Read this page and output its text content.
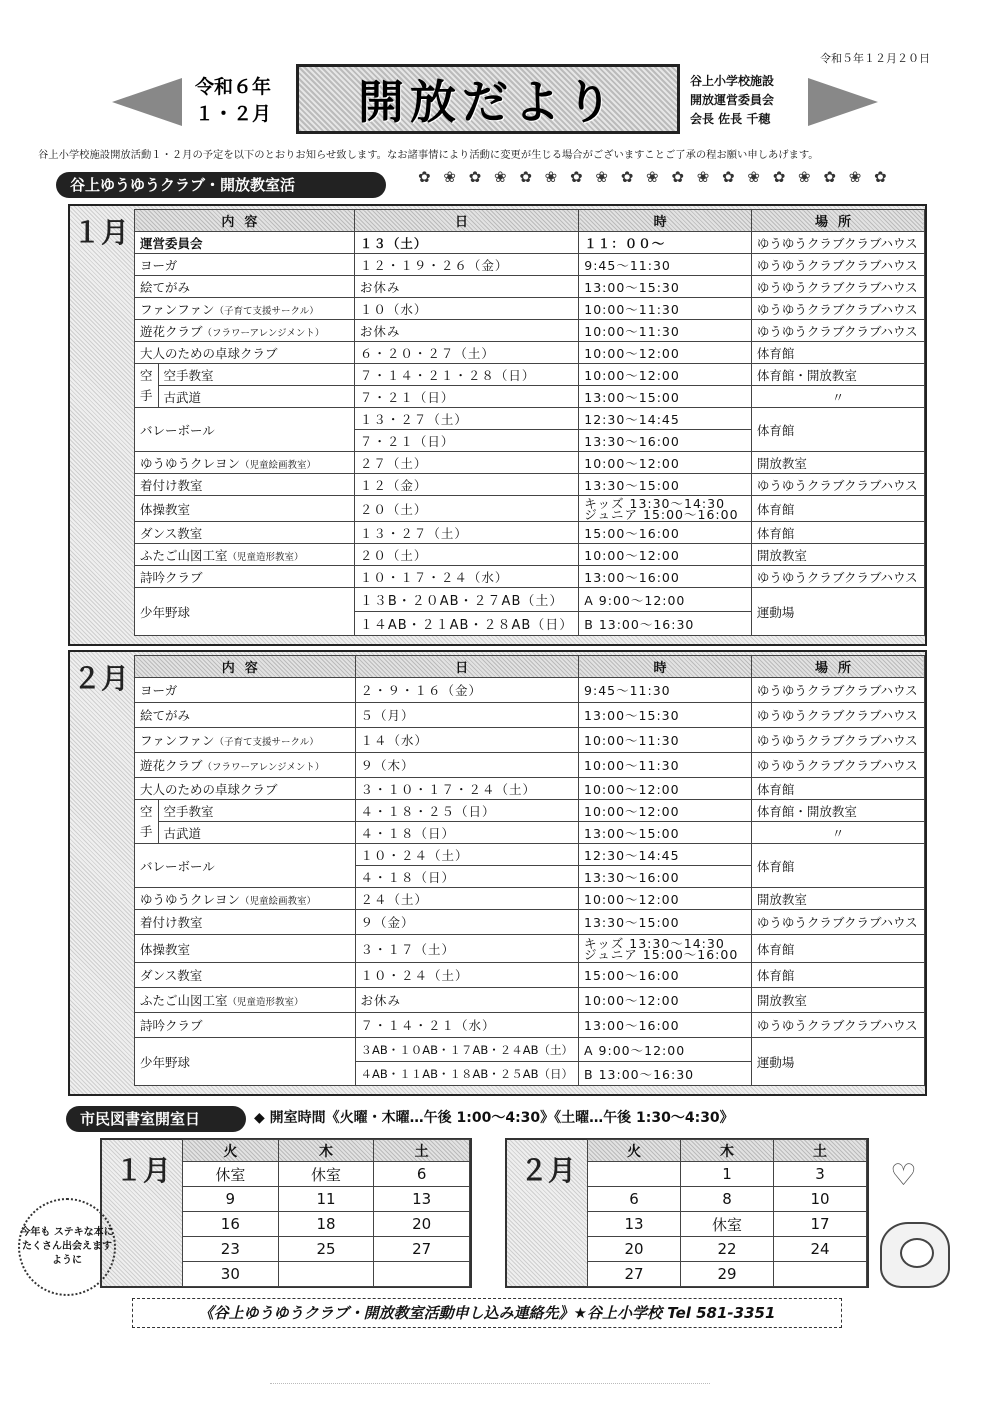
令和５年１２月２０日
令和６年
１・２月 開放だより	谷上小学校施設
開放運営委員会
会長 佐長 千穂
谷上小学校施設開放活動１・２月の予定を以下のとおりお知らせ致します。なお諸事情により活動に変更が生じる場合がございますことご了承の程お願い申しあげます。
谷上ゆうゆうクラブ・開放教室活	✿ ❀ ✿ ❀ ✿ ❀ ✿ ❀ ✿ ❀ ✿ ❀ ✿ ❀ ✿ ❀ ✿ ❀ ✿
１月	内容		日	時	場所
運営委員会		１３（土）	１１：００〜	ゆうゆうクラブクラブハウス
ヨーガ		１２・１９・２６（金）	9:45〜11:30	ゆうゆうクラブクラブハウス
絵てがみ		お休み	13:00〜15:30	ゆうゆうクラブクラブハウス
ファンファン（子育て支援サークル）		１０（水）	10:00〜11:30	ゆうゆうクラブクラブハウス
遊花クラブ（フラワーアレンジメント）		お休み	10:00〜11:30	ゆうゆうクラブクラブハウス
大人のための卓球クラブ		６・２０・２７（土）	10:00〜12:00	体育館
空手	空手教室	７・１４・２１・２８（日）	10:00〜12:00	体育館・開放教室
	古武道	７・２１（日）	13:00〜15:00	〃
バレーボール		１３・２７（土）	12:30〜14:45	体育館
		７・２１（日）	13:30〜16:00	
ゆうゆうクレヨン（児童絵画教室）		２７（土）	10:00〜12:00	開放教室
着付け教室		１２（金）	13:30〜15:00	ゆうゆうクラブクラブハウス
体操教室		２０（土）	キッズ 13:30〜14:30
ジュニア 15:00〜16:00	体育館
ダンス教室		１３・２７（土）	15:00〜16:00	体育館
ふたご山図工室（児童造形教室）		２０（土）	10:00〜12:00	開放教室
詩吟クラブ		１０・１７・２４（水）	13:00〜16:00	ゆうゆうクラブクラブハウス
少年野球		１３B・２０AB・２７AB（土）	A 9:00〜12:00	運動場
		１４AB・２１AB・２８AB（日）	B 13:00〜16:30	
２月	内容		日	時	場所
ヨーガ		２・９・１６（金）	9:45〜11:30	ゆうゆうクラブクラブハウス
絵てがみ		５（月）	13:00〜15:30	ゆうゆうクラブクラブハウス
ファンファン（子育て支援サークル）		１４（水）	10:00〜11:30	ゆうゆうクラブクラブハウス
遊花クラブ（フラワーアレンジメント）		９（木）	10:00〜11:30	ゆうゆうクラブクラブハウス
大人のための卓球クラブ		３・１０・１７・２４（土）	10:00〜12:00	体育館
空手	空手教室	４・１８・２５（日）	10:00〜12:00	体育館・開放教室
	古武道	４・１８（日）	13:00〜15:00	〃
バレーボール		１０・２４（土）	12:30〜14:45	体育館
		４・１８（日）	13:30〜16:00	
ゆうゆうクレヨン（児童絵画教室）		２４（土）	10:00〜12:00	開放教室
着付け教室		９（金）	13:30〜15:00	ゆうゆうクラブクラブハウス
体操教室		３・１７（土）	キッズ 13:30〜14:30
ジュニア 15:00〜16:00	体育館
ダンス教室		１０・２４（土）	15:00〜16:00	体育館
ふたご山図工室（児童造形教室）		お休み	10:00〜12:00	開放教室
詩吟クラブ		７・１４・２１（水）	13:00〜16:00	ゆうゆうクラブクラブハウス
少年野球		３AB・１０AB・１７AB・２４AB（土）	A 9:00〜12:00	運動場
		４AB・１１AB・１８AB・２５AB（日）	B 13:00〜16:30	
市民図書室開室日	◆ 開室時間《火曜・木曜…午後 1:00〜4:30》《土曜…午後 1:30〜4:30》
１月
火	木	土
休室	休室	6
9	11	13
16	18	20
23	25	27
30		
２月
火	木	土
	1	3
6	8	10
13	休室	17
20	22	24
27	29	
今年も ステキな本に たくさん出会えますように
♡
《谷上ゆうゆうクラブ・開放教室活動申し込み連絡先》★谷上小学校 Tel 581-3351
